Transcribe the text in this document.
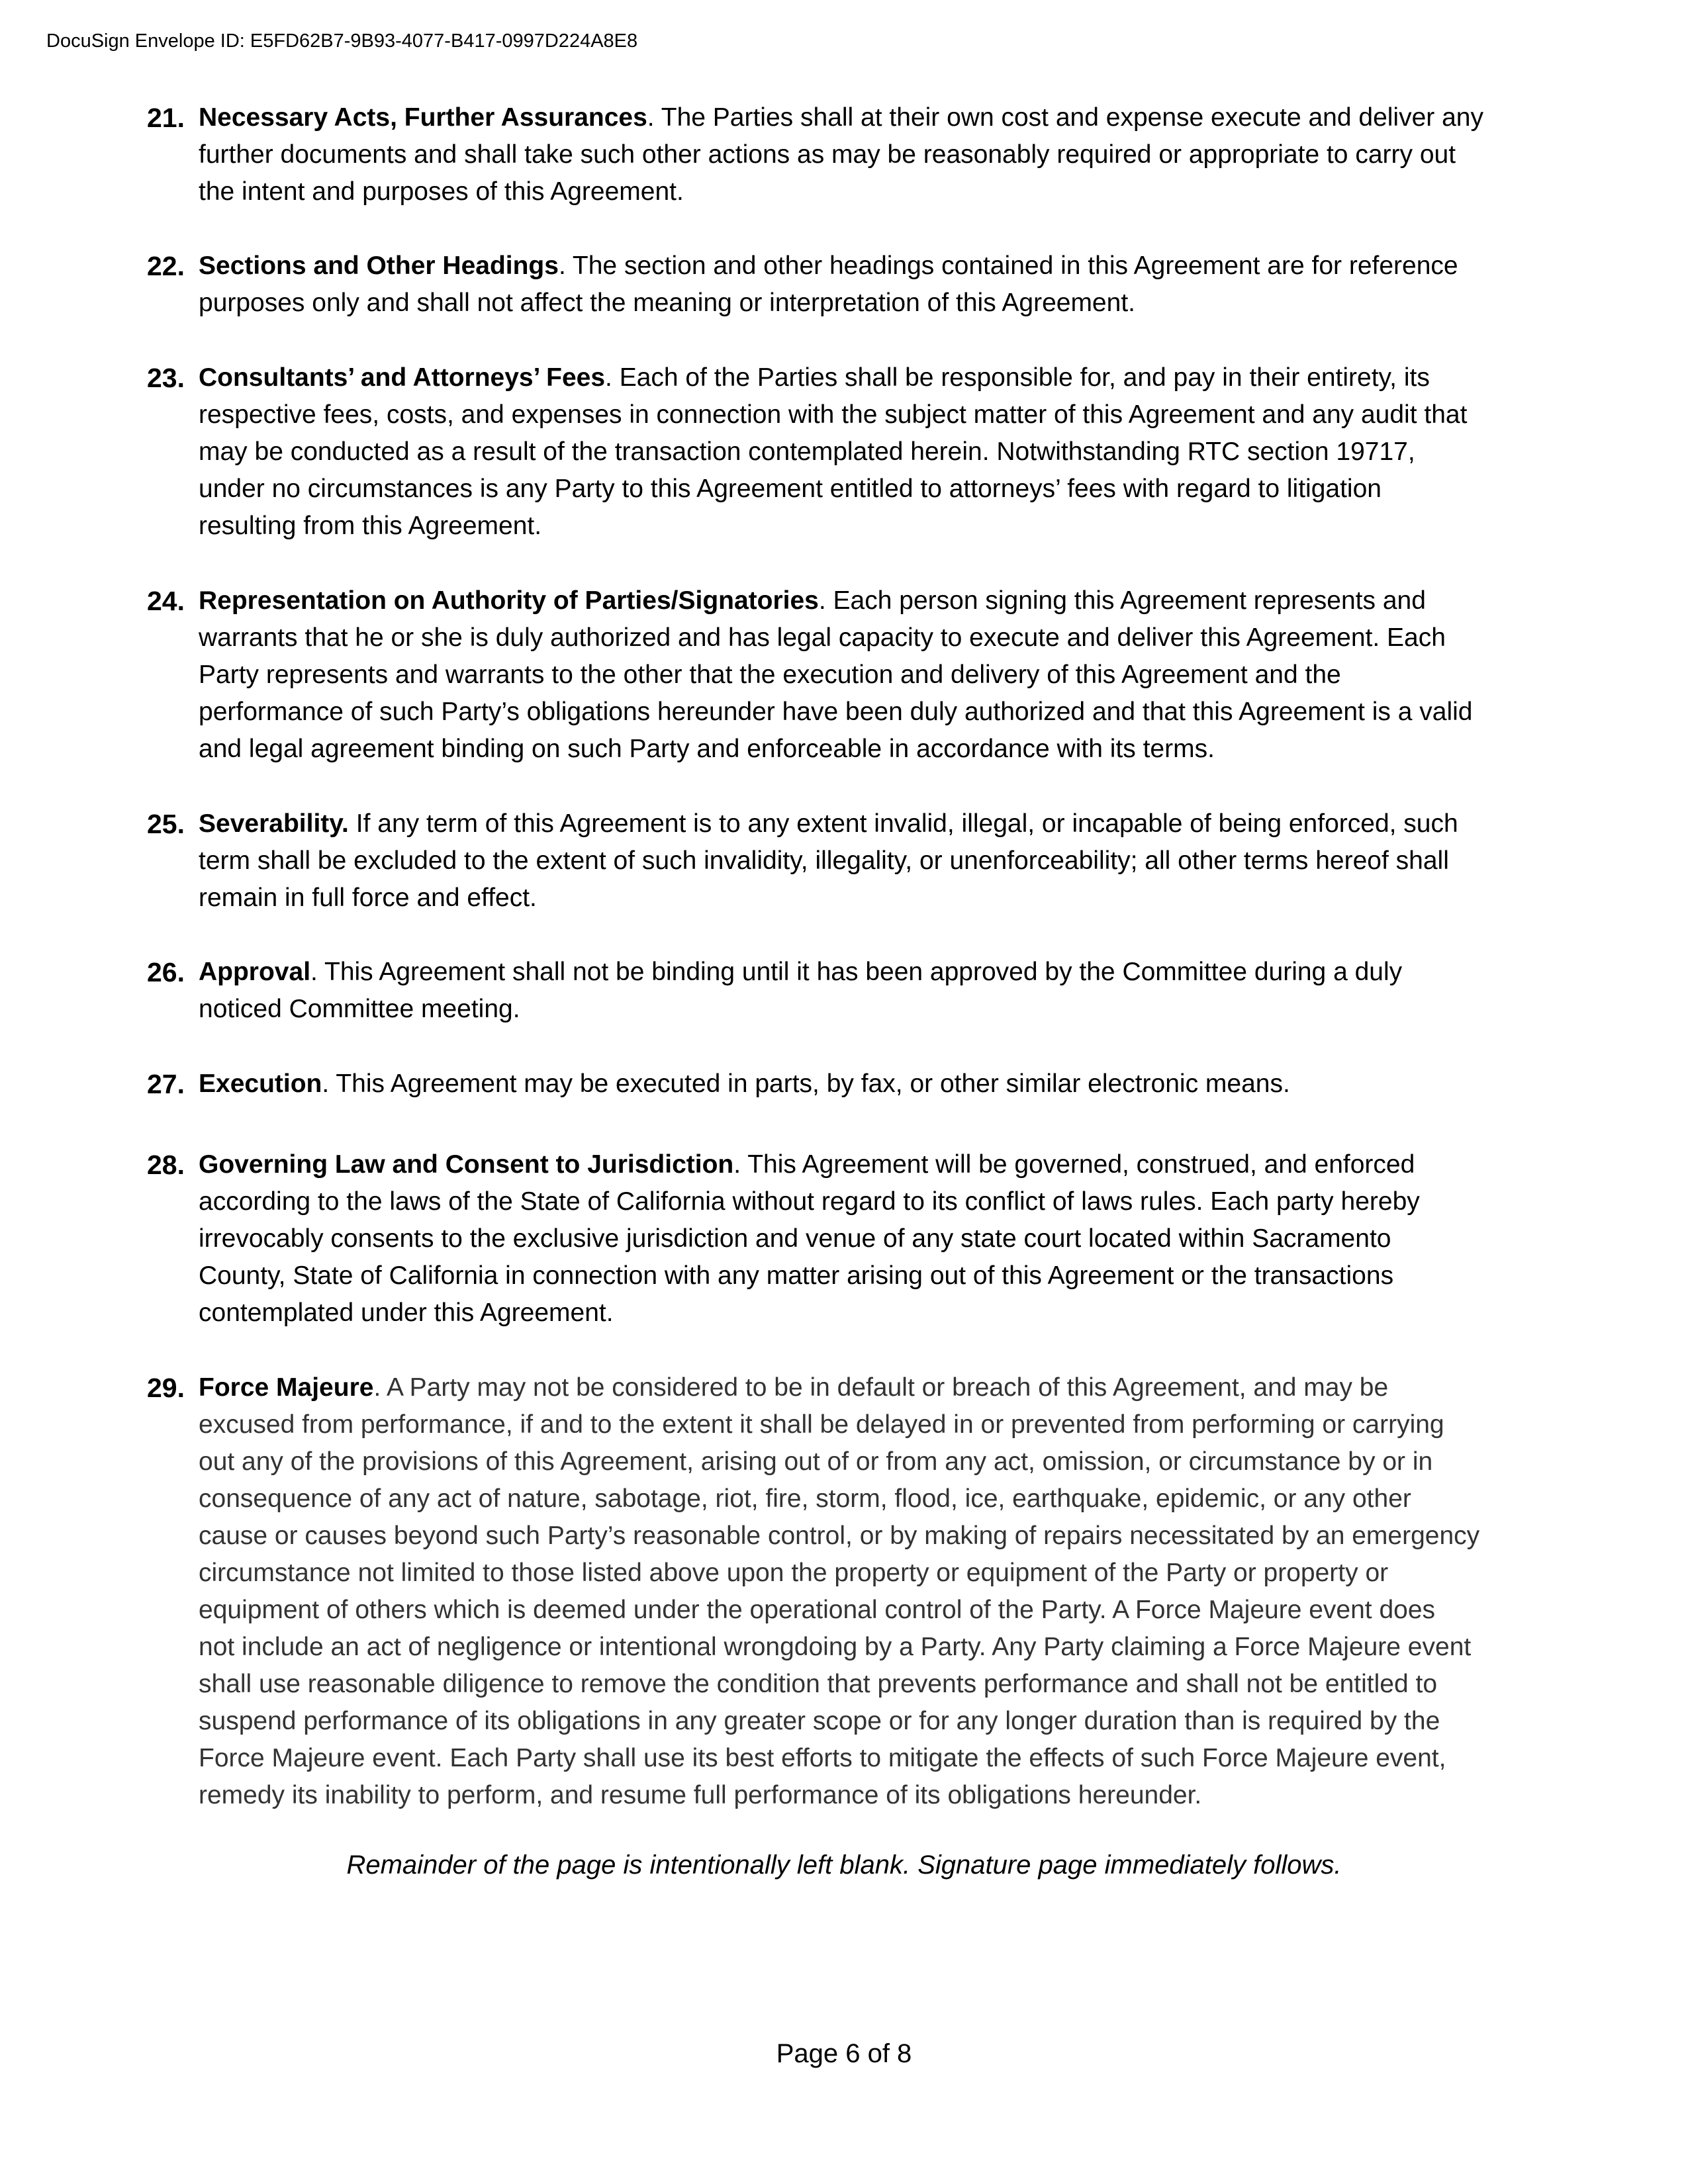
DocuSign Envelope ID: E5FD62B7-9B93-4077-B417-0997D224A8E8
21. Necessary Acts, Further Assurances. The Parties shall at their own cost and expense execute and deliver any
further documents and shall take such other actions as may be reasonably required or appropriate to carry out
the intent and purposes of this Agreement.
22. Sections and Other Headings. The section and other headings contained in this Agreement are for reference
purposes only and shall not affect the meaning or interpretation of this Agreement.
23. Consultants’ and Attorneys’ Fees. Each of the Parties shall be responsible for, and pay in their entirety, its
respective fees, costs, and expenses in connection with the subject matter of this Agreement and any audit that
may be conducted as a result of the transaction contemplated herein. Notwithstanding RTC section 19717,
under no circumstances is any Party to this Agreement entitled to attorneys’ fees with regard to litigation
resulting from this Agreement.
24. Representation on Authority of Parties/Signatories. Each person signing this Agreement represents and
warrants that he or she is duly authorized and has legal capacity to execute and deliver this Agreement. Each
Party represents and warrants to the other that the execution and delivery of this Agreement and the
performance of such Party’s obligations hereunder have been duly authorized and that this Agreement is a valid
and legal agreement binding on such Party and enforceable in accordance with its terms.
25. Severability. If any term of this Agreement is to any extent invalid, illegal, or incapable of being enforced, such
term shall be excluded to the extent of such invalidity, illegality, or unenforceability; all other terms hereof shall
remain in full force and effect.
26. Approval. This Agreement shall not be binding until it has been approved by the Committee during a duly
noticed Committee meeting.
27. Execution. This Agreement may be executed in parts, by fax, or other similar electronic means.
28. Governing Law and Consent to Jurisdiction. This Agreement will be governed, construed, and enforced
according to the laws of the State of California without regard to its conflict of laws rules. Each party hereby
irrevocably consents to the exclusive jurisdiction and venue of any state court located within Sacramento
County, State of California in connection with any matter arising out of this Agreement or the transactions
contemplated under this Agreement.
29. Force Majeure. A Party may not be considered to be in default or breach of this Agreement, and may be
excused from performance, if and to the extent it shall be delayed in or prevented from performing or carrying
out any of the provisions of this Agreement, arising out of or from any act, omission, or circumstance by or in
consequence of any act of nature, sabotage, riot, fire, storm, flood, ice, earthquake, epidemic, or any other
cause or causes beyond such Party’s reasonable control, or by making of repairs necessitated by an emergency
circumstance not limited to those listed above upon the property or equipment of the Party or property or
equipment of others which is deemed under the operational control of the Party. A Force Majeure event does
not include an act of negligence or intentional wrongdoing by a Party. Any Party claiming a Force Majeure event
shall use reasonable diligence to remove the condition that prevents performance and shall not be entitled to
suspend performance of its obligations in any greater scope or for any longer duration than is required by the
Force Majeure event. Each Party shall use its best efforts to mitigate the effects of such Force Majeure event,
remedy its inability to perform, and resume full performance of its obligations hereunder.
Remainder of the page is intentionally left blank. Signature page immediately follows.
Page 6 of 8
